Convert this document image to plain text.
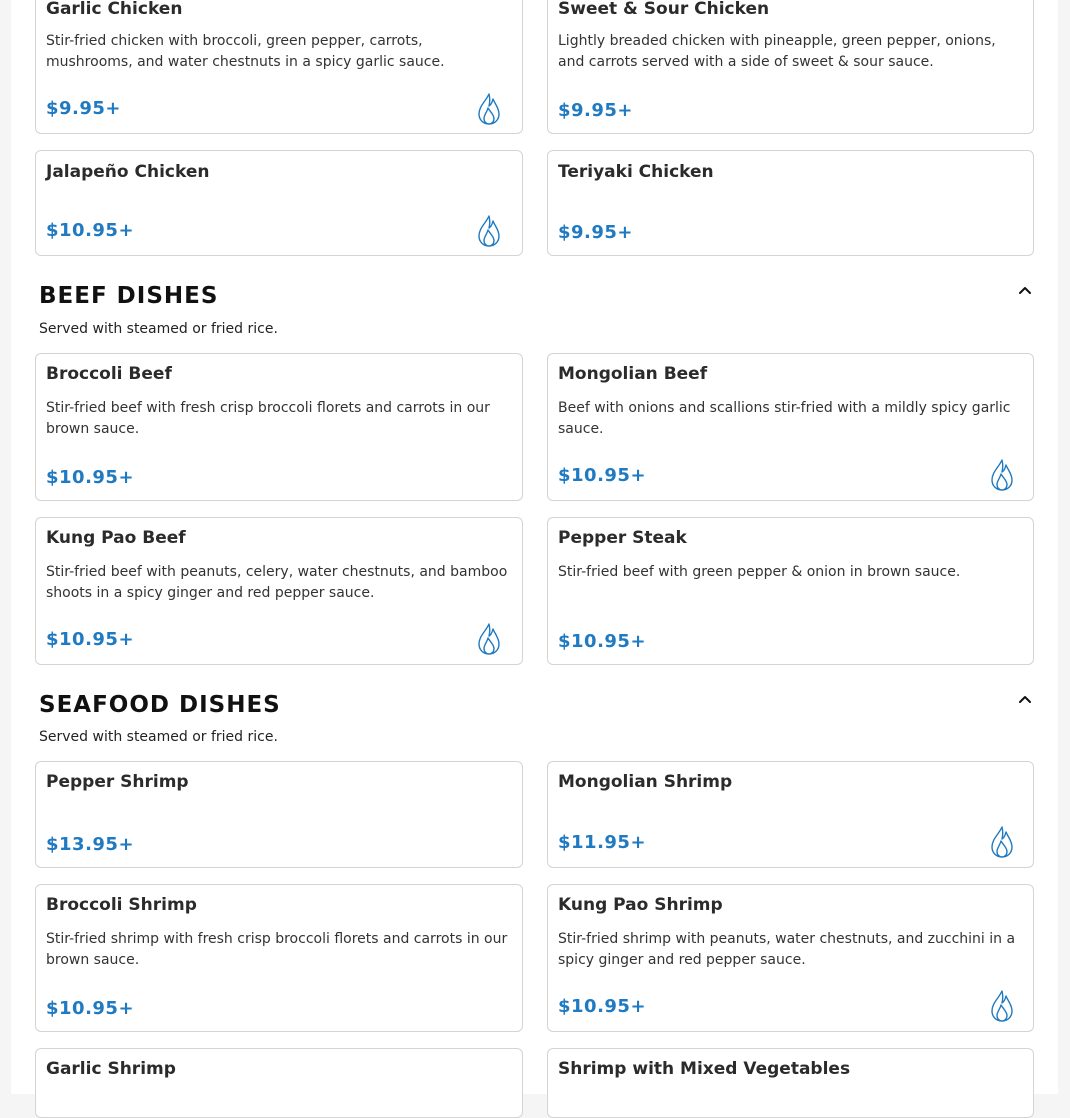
Garlic Chicken
Stir-fried chicken with broccoli, green pepper, carrots, mushrooms, and water chestnuts in a spicy garlic sauce.
$9.95+
Sweet & Sour Chicken
Lightly breaded chicken with pineapple, green pepper, onions, and carrots served with a side of sweet & sour sauce.
$9.95+
Jalapeño Chicken
$10.95+
Teriyaki Chicken
$9.95+
BEEF DISHES
Served with steamed or fried rice.
Broccoli Beef
Stir-fried beef with fresh crisp broccoli florets and carrots in our brown sauce.
$10.95+
Mongolian Beef
Beef with onions and scallions stir-fried with a mildly spicy garlic sauce.
$10.95+
Kung Pao Beef
Stir-fried beef with peanuts, celery, water chestnuts, and bamboo shoots in a spicy ginger and red pepper sauce.
$10.95+
Pepper Steak
Stir-fried beef with green pepper & onion in brown sauce.
$10.95+
SEAFOOD DISHES
Served with steamed or fried rice.
Pepper Shrimp
$13.95+
Mongolian Shrimp
$11.95+
Broccoli Shrimp
Stir-fried shrimp with fresh crisp broccoli florets and carrots in our brown sauce.
$10.95+
Kung Pao Shrimp
Stir-fried shrimp with peanuts, water chestnuts, and zucchini in a spicy ginger and red pepper sauce.
$10.95+
Garlic Shrimp	Shrimp with Mixed Vegetables
